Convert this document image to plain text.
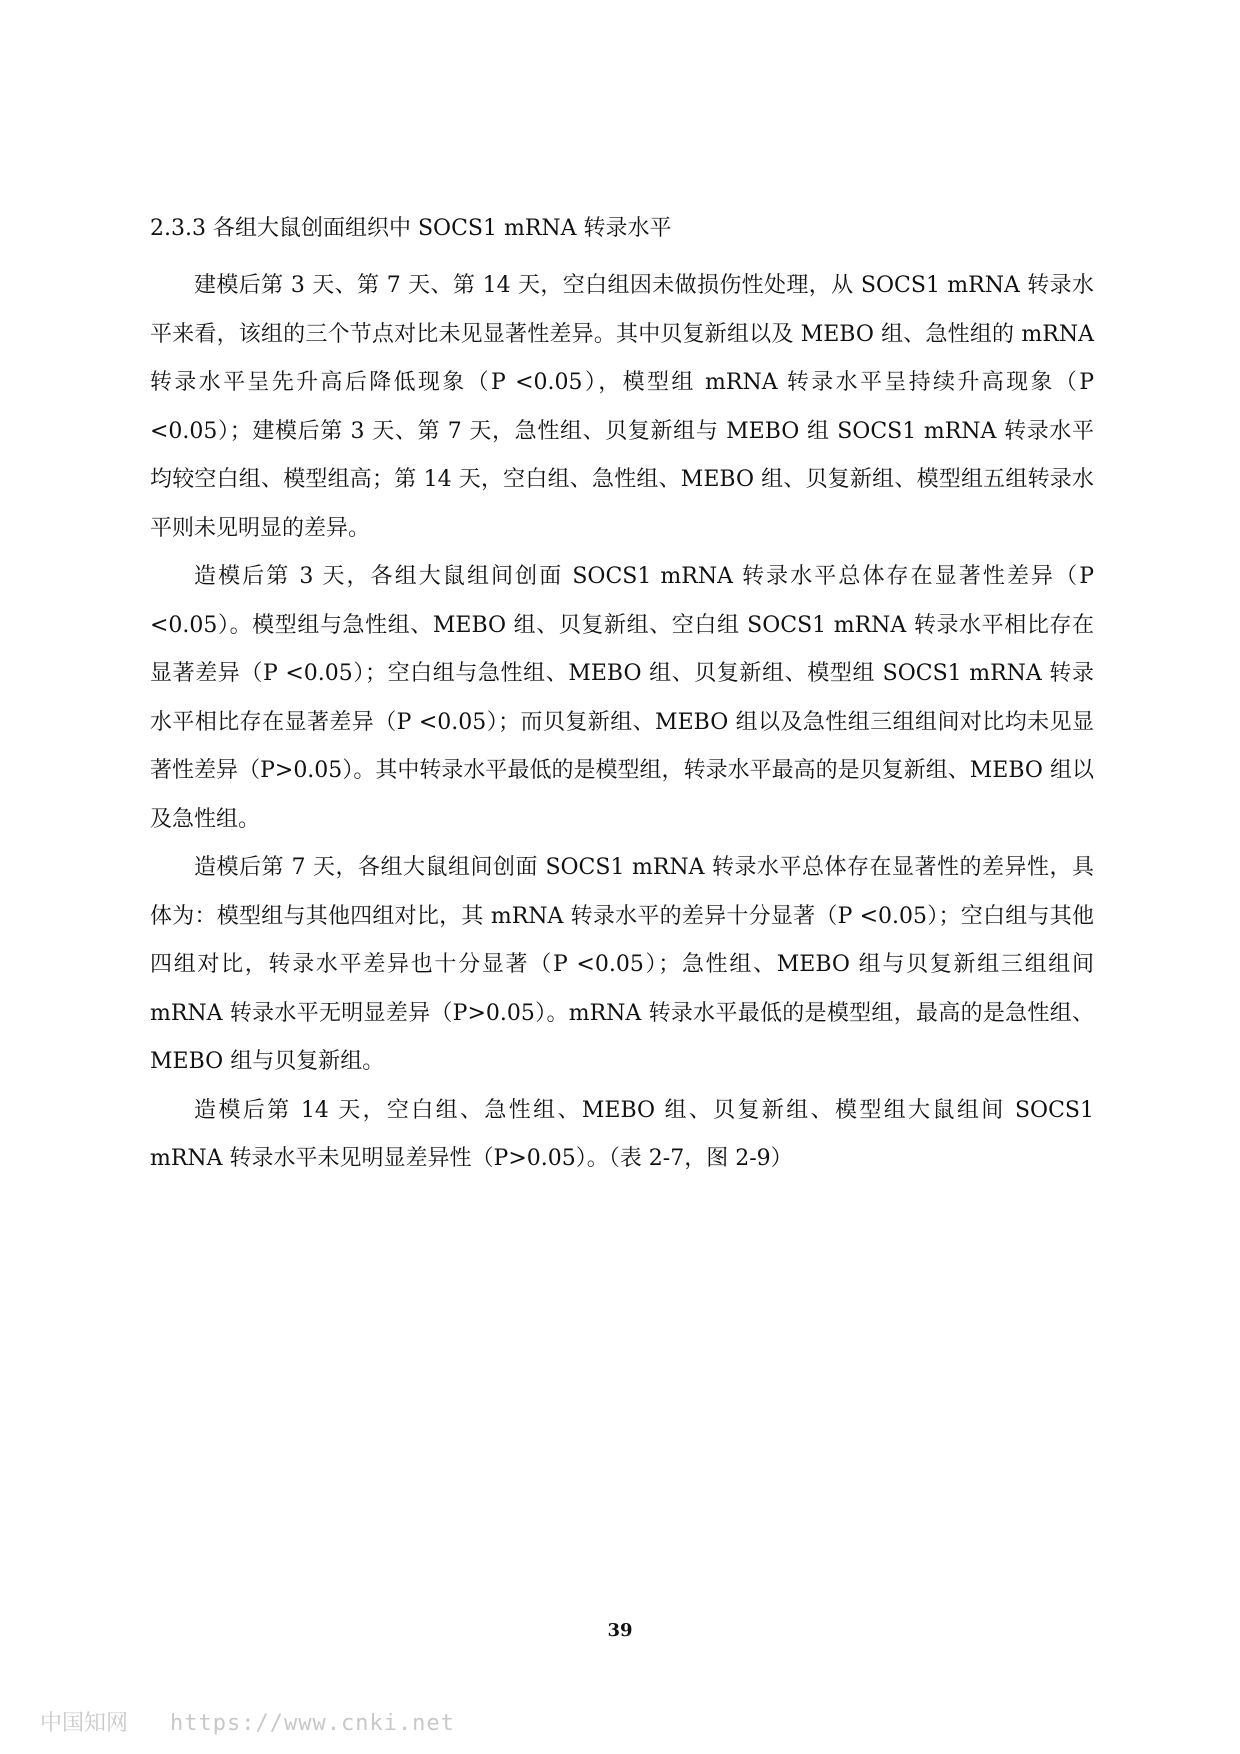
2.3.3 各组大鼠创面组织中 SOCS1 mRNA 转录水平

建模后第 3 天、第 7 天、第 14 天，空白组因未做损伤性处理，从 SOCS1 mRNA 转录水平来看，该组的三个节点对比未见显著性差异。其中贝复新组以及 MEBO 组、急性组的 mRNA 转录水平呈先升高后降低现象（P <0.05），模型组 mRNA 转录水平呈持续升高现象（P <0.05）；建模后第 3 天、第 7 天，急性组、贝复新组与 MEBO 组 SOCS1 mRNA 转录水平均较空白组、模型组高；第 14 天，空白组、急性组、MEBO 组、贝复新组、模型组五组转录水平则未见明显的差异。

造模后第 3 天，各组大鼠组间创面 SOCS1 mRNA 转录水平总体存在显著性差异（P <0.05）。模型组与急性组、MEBO 组、贝复新组、空白组 SOCS1 mRNA 转录水平相比存在显著差异（P <0.05）；空白组与急性组、MEBO 组、贝复新组、模型组 SOCS1 mRNA 转录水平相比存在显著差异（P <0.05）；而贝复新组、MEBO 组以及急性组三组组间对比均未见显著性差异（P>0.05）。其中转录水平最低的是模型组，转录水平最高的是贝复新组、MEBO 组以及急性组。

造模后第 7 天，各组大鼠组间创面 SOCS1 mRNA 转录水平总体存在显著性的差异性，具体为：模型组与其他四组对比，其 mRNA 转录水平的差异十分显著（P <0.05）；空白组与其他四组对比，转录水平差异也十分显著（P <0.05）；急性组、MEBO 组与贝复新组三组组间 mRNA 转录水平无明显差异（P>0.05）。mRNA 转录水平最低的是模型组，最高的是急性组、MEBO 组与贝复新组。

造模后第 14 天，空白组、急性组、MEBO 组、贝复新组、模型组大鼠组间 SOCS1 mRNA 转录水平未见明显差异性（P>0.05）。（表 2-7，图 2-9）

39
中国知网 https://www.cnki.net
